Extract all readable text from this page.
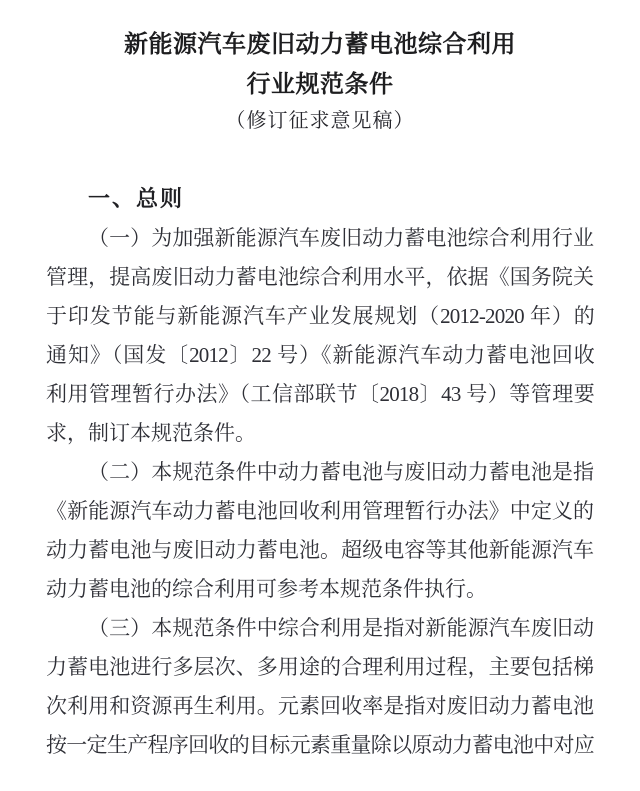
新能源汽车废旧动力蓄电池综合利用
行业规范条件
（修订征求意见稿）
一、总则
（一）为加强新能源汽车废旧动力蓄电池综合利用行业
管理，提高废旧动力蓄电池综合利用水平，依据《国务院关
于印发节能与新能源汽车产业发展规划（2012-2020 年）的
通知》（国发〔2012〕22 号）《新能源汽车动力蓄电池回收
利用管理暂行办法》（工信部联节〔2018〕43 号）等管理要
求，制订本规范条件。
（二）本规范条件中动力蓄电池与废旧动力蓄电池是指
《新能源汽车动力蓄电池回收利用管理暂行办法》中定义的
动力蓄电池与废旧动力蓄电池。超级电容等其他新能源汽车
动力蓄电池的综合利用可参考本规范条件执行。
（三）本规范条件中综合利用是指对新能源汽车废旧动
力蓄电池进行多层次、多用途的合理利用过程，主要包括梯
次利用和资源再生利用。元素回收率是指对废旧动力蓄电池
按一定生产程序回收的目标元素重量除以原动力蓄电池中对应
